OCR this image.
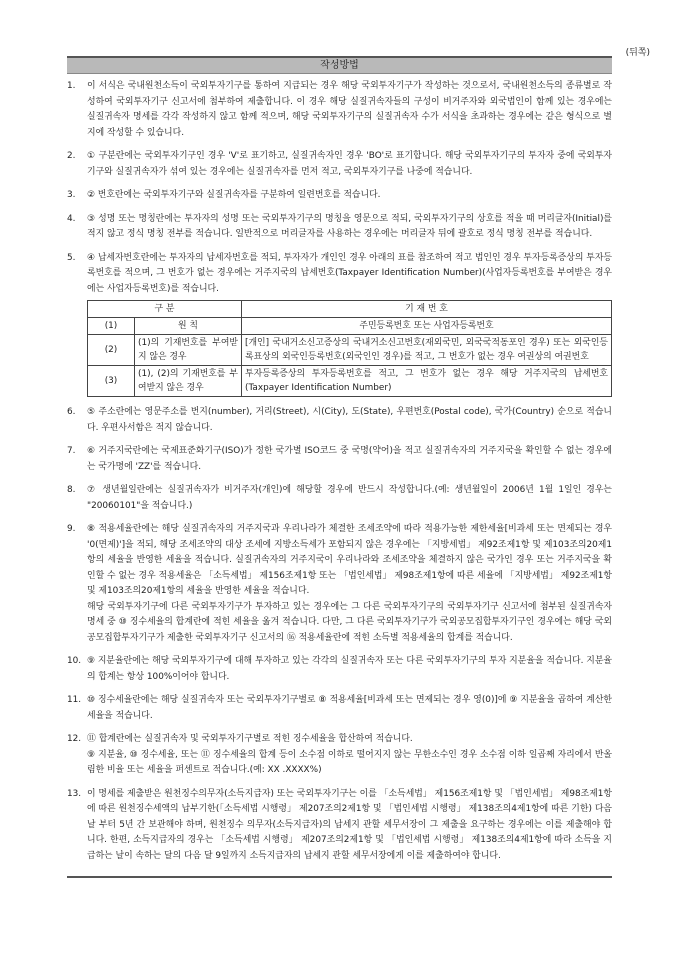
(뒤쪽)
작성방법
1.	이 서식은 국내원천소득이 국외투자기구를 통하여 지급되는 경우 해당 국외투자기구가 작성하는 것으로서, 국내원천소득의 종류별로 작성하여 국외투자기구 신고서에 첨부하여 제출합니다. 이 경우 해당 실질귀속자들의 구성이 비거주자와 외국법인이 함께 있는 경우에는 실질귀속자 명세를 각각 작성하지 않고 함께 적으며, 해당 국외투자기구의 실질귀속자 수가 서식을 초과하는 경우에는 같은 형식으로 별지에 작성할 수 있습니다.
2.	① 구분란에는 국외투자기구인 경우 'V'로 표기하고, 실질귀속자인 경우 'BO'로 표기합니다. 해당 국외투자기구의 투자자 중에 국외투자기구와 실질귀속자가 섞여 있는 경우에는 실질귀속자를 먼저 적고, 국외투자기구를 나중에 적습니다.
3.	② 번호란에는 국외투자기구와 실질귀속자를 구분하여 일련번호를 적습니다.
4.	③ 성명 또는 명칭란에는 투자자의 성명 또는 국외투자기구의 명칭을 영문으로 적되, 국외투자기구의 상호를 적을 때 머리글자(Initial)를 적지 않고 정식 명칭 전부를 적습니다. 일반적으로 머리글자를 사용하는 경우에는 머리글자 뒤에 괄호로 정식 명칭 전부를 적습니다.
5.	④ 납세자번호란에는 투자자의 납세자번호를 적되, 투자자가 개인인 경우 아래의 표를 참조하여 적고 법인인 경우 투자등록증상의 투자등록번호를 적으며, 그 번호가 없는 경우에는 거주지국의 납세번호(Taxpayer Identification Number)(사업자등록번호를 부여받은 경우에는 사업자등록번호)를 적습니다.
구 분		기 재 번 호
(1)	원 칙	주민등록번호 또는 사업자등록번호
(2)	(1)의 기재번호를 부여받지 않은 경우	[개인] 국내거소신고증상의 국내거소신고번호(재외국민, 외국국적동포인 경우) 또는 외국인등록표상의 외국인등록번호(외국인인 경우)를 적고, 그 번호가 없는 경우 여권상의 여권번호
(3)	(1), (2)의 기재번호를 부여받지 않은 경우	투자등록증상의 투자등록번호를 적고, 그 번호가 없는 경우 해당 거주지국의 납세번호(Taxpayer Identification Number)
6.	⑤ 주소란에는 영문주소를 번지(number), 거리(Street), 시(City), 도(State), 우편번호(Postal code), 국가(Country) 순으로 적습니다. 우편사서함은 적지 않습니다.
7.	⑥ 거주지국란에는 국제표준화기구(ISO)가 정한 국가별 ISO코드 중 국명(약어)을 적고 실질귀속자의 거주지국을 확인할 수 없는 경우에는 국가명에 'ZZ'를 적습니다.
8.	⑦ 생년월일란에는 실질귀속자가 비거주자(개인)에 해당할 경우에 반드시 작성합니다.(예: 생년월일이 2006년 1월 1일인 경우는 "20060101"을 적습니다.)
9.	⑧ 적용세율란에는 해당 실질귀속자의 거주지국과 우리나라가 체결한 조세조약에 따라 적용가능한 제한세율[비과세 또는 면제되는 경우 '0(면제)']을 적되, 해당 조세조약의 대상 조세에 지방소득세가 포함되지 않은 경우에는 「지방세법」 제92조제1항 및 제103조의20제1항의 세율을 반영한 세율을 적습니다. 실질귀속자의 거주지국이 우리나라와 조세조약을 체결하지 않은 국가인 경우 또는 거주지국을 확인할 수 없는 경우 적용세율은 「소득세법」 제156조제1항 또는 「법인세법」 제98조제1항에 따른 세율에 「지방세법」 제92조제1항 및 제103조의20제1항의 세율을 반영한 세율을 적습니다.
해당 국외투자기구에 다른 국외투자기구가 투자하고 있는 경우에는 그 다른 국외투자기구의 국외투자기구 신고서에 첨부된 실질귀속자 명세 중 ⑩ 징수세율의 합계란에 적힌 세율을 옮겨 적습니다. 다만, 그 다른 국외투자기구가 국외공모집합투자기구인 경우에는 해당 국외공모집합투자기구가 제출한 국외투자기구 신고서의 ⑯ 적용세율란에 적힌 소득별 적용세율의 합계를 적습니다.
10. ⑨ 지분율란에는 해당 국외투자기구에 대해 투자하고 있는 각각의 실질귀속자 또는 다른 국외투자기구의 투자 지분율을 적습니다. 지분율의 합계는 항상 100%이어야 합니다.
11. ⑩ 징수세율란에는 해당 실질귀속자 또는 국외투자기구별로 ⑧ 적용세율[비과세 또는 면제되는 경우 영(0)]에 ⑨ 지분율을 곱하여 계산한 세율을 적습니다.
12. ⑪ 합계란에는 실질귀속자 및 국외투자기구별로 적힌 징수세율을 합산하여 적습니다.
⑨ 지분율, ⑩ 징수세율, 또는 ⑪ 징수세율의 합계 등이 소수점 이하로 떨어지지 않는 무한소수인 경우 소수점 이하 일곱째 자리에서 반올림한 비율 또는 세율을 퍼센트로 적습니다.(예: XX .XXXX%)
13. 이 명세를 제출받은 원천징수의무자(소득지급자) 또는 국외투자기구는 이를 「소득세법」 제156조제1항 및 「법인세법」 제98조제1항에 따른 원천징수세액의 납부기한(「소득세법 시행령」 제207조의2제1항 및 「법인세법 시행령」 제138조의4제1항에 따른 기한) 다음 날 부터 5년 간 보관해야 하며, 원천징수 의무자(소득지급자)의 납세지 관할 세무서장이 그 제출을 요구하는 경우에는 이를 제출해야 합니다. 한편, 소득지급자의 경우는 「소득세법 시행령」 제207조의2제1항 및 「법인세법 시행령」 제138조의4제1항에 따라 소득을 지급하는 날이 속하는 달의 다음 달 9일까지 소득지급자의 납세지 관할 세무서장에게 이를 제출하여야 합니다.
